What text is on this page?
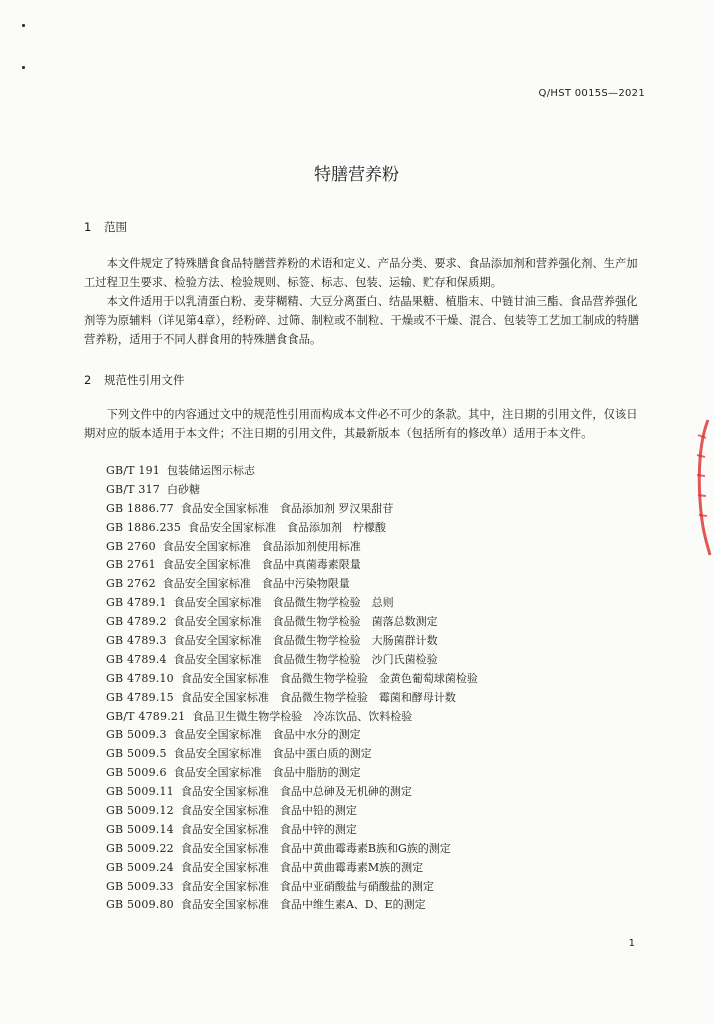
Q/HST 0015S—2021
特膳营养粉
1 范围
本文件规定了特殊膳食食品特膳营养粉的术语和定义、产品分类、要求、食品添加剂和营养强化剂、生产加工过程卫生要求、检验方法、检验规则、标签、标志、包装、运输、贮存和保质期。
本文件适用于以乳清蛋白粉、麦芽糊精、大豆分离蛋白、结晶果糖、植脂末、中链甘油三酯、食品营养强化剂等为原辅料（详见第4章），经粉碎、过筛、制粒或不制粒、干燥或不干燥、混合、包装等工艺加工制成的特膳营养粉，适用于不同人群食用的特殊膳食食品。
2 规范性引用文件
下列文件中的内容通过文中的规范性引用而构成本文件必不可少的条款。其中，注日期的引用文件，仅该日期对应的版本适用于本文件；不注日期的引用文件，其最新版本（包括所有的修改单）适用于本文件。
GB/T 191 包装储运图示标志
GB/T 317 白砂糖
GB 1886.77 食品安全国家标准　食品添加剂 罗汉果甜苷
GB 1886.235 食品安全国家标准　食品添加剂　柠檬酸
GB 2760 食品安全国家标准　食品添加剂使用标准
GB 2761 食品安全国家标准　食品中真菌毒素限量
GB 2762 食品安全国家标准　食品中污染物限量
GB 4789.1 食品安全国家标准　食品微生物学检验　总则
GB 4789.2 食品安全国家标准　食品微生物学检验　菌落总数测定
GB 4789.3 食品安全国家标准　食品微生物学检验　大肠菌群计数
GB 4789.4 食品安全国家标准　食品微生物学检验　沙门氏菌检验
GB 4789.10 食品安全国家标准　食品微生物学检验　金黄色葡萄球菌检验
GB 4789.15 食品安全国家标准　食品微生物学检验　霉菌和酵母计数
GB/T 4789.21 食品卫生微生物学检验　冷冻饮品、饮料检验
GB 5009.3 食品安全国家标准　食品中水分的测定
GB 5009.5 食品安全国家标准　食品中蛋白质的测定
GB 5009.6 食品安全国家标准　食品中脂肪的测定
GB 5009.11 食品安全国家标准　食品中总砷及无机砷的测定
GB 5009.12 食品安全国家标准　食品中铅的测定
GB 5009.14 食品安全国家标准　食品中锌的测定
GB 5009.22 食品安全国家标准　食品中黄曲霉毒素B族和G族的测定
GB 5009.24 食品安全国家标准　食品中黄曲霉毒素M族的测定
GB 5009.33 食品安全国家标准　食品中亚硝酸盐与硝酸盐的测定
GB 5009.80 食品安全国家标准　食品中维生素A、D、E的测定
1
